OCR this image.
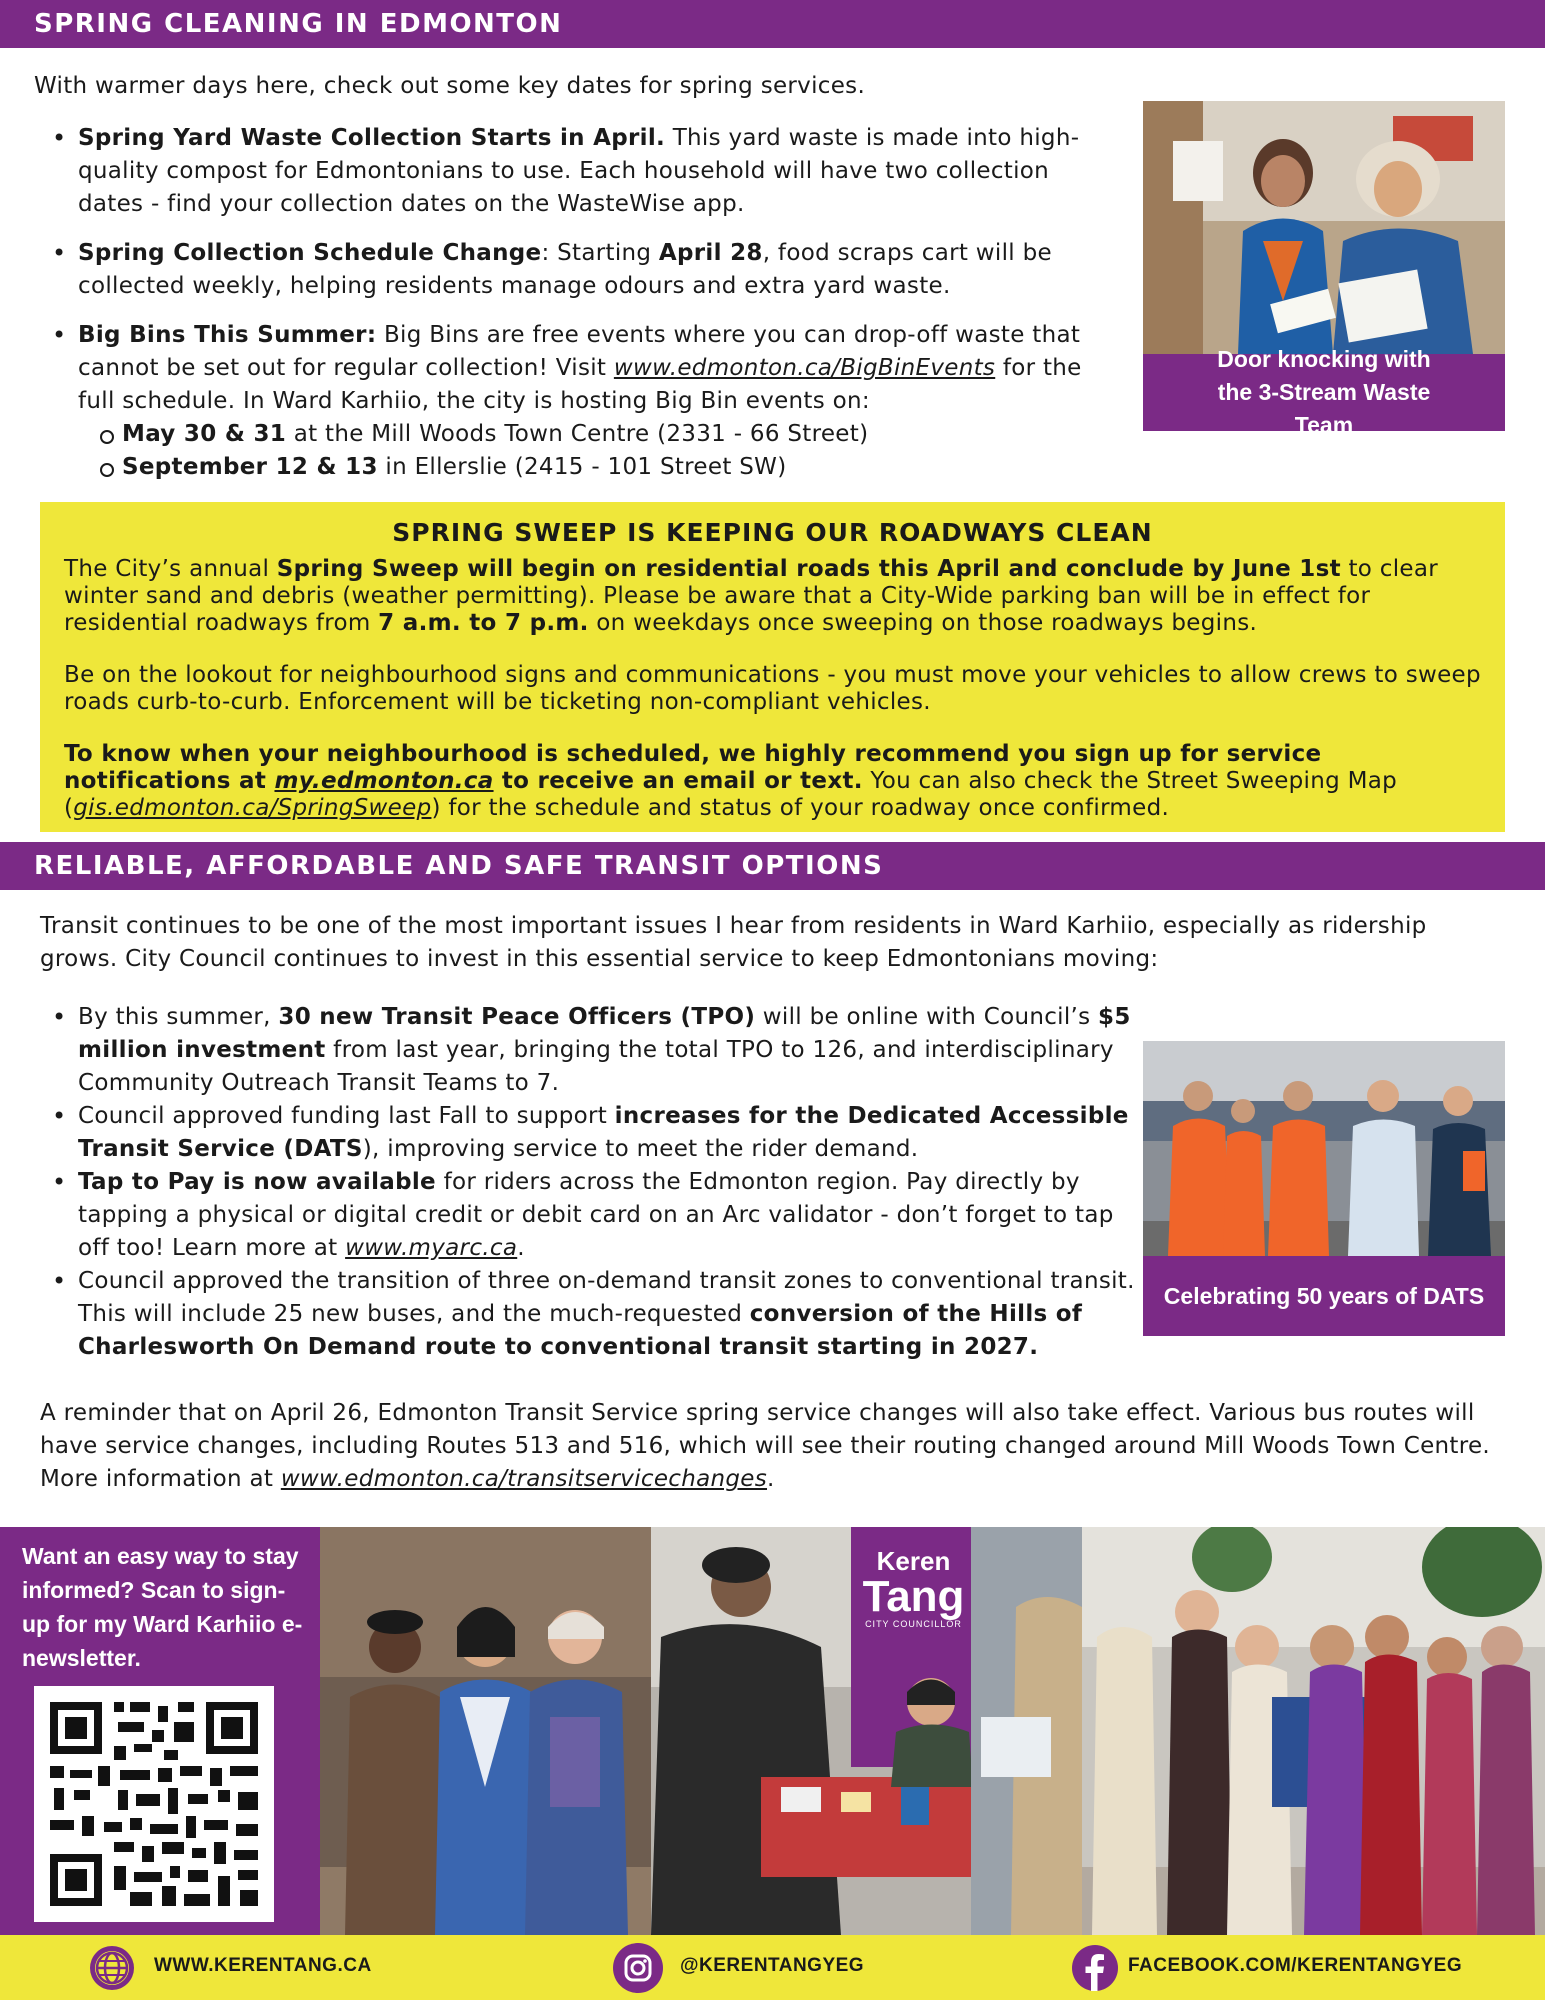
SPRING CLEANING IN EDMONTON
With warmer days here, check out some key dates for spring services.
• Spring Yard Waste Collection Starts in April. This yard waste is made into high-quality compost for Edmontonians to use. Each household will have two collection dates - find your collection dates on the WasteWise app.
• Spring Collection Schedule Change: Starting April 28, food scraps cart will be collected weekly, helping residents manage odours and extra yard waste.
• Big Bins This Summer: Big Bins are free events where you can drop-off waste that cannot be set out for regular collection! Visit www.edmonton.ca/BigBinEvents for the full schedule. In Ward Karhiio, the city is hosting Big Bin events on:
May 30 & 31 at the Mill Woods Town Centre (2331 - 66 Street)
September 12 & 13 in Ellerslie (2415 - 101 Street SW)
Door knocking with the 3-Stream Waste Team
SPRING SWEEP IS KEEPING OUR ROADWAYS CLEAN
The City’s annual Spring Sweep will begin on residential roads this April and conclude by June 1st to clear winter sand and debris (weather permitting). Please be aware that a City-Wide parking ban will be in effect for residential roadways from 7 a.m. to 7 p.m. on weekdays once sweeping on those roadways begins.
Be on the lookout for neighbourhood signs and communications - you must move your vehicles to allow crews to sweep roads curb-to-curb. Enforcement will be ticketing non-compliant vehicles.
To know when your neighbourhood is scheduled, we highly recommend you sign up for service notifications at my.edmonton.ca to receive an email or text. You can also check the Street Sweeping Map (gis.edmonton.ca/SpringSweep) for the schedule and status of your roadway once confirmed.
RELIABLE, AFFORDABLE AND SAFE TRANSIT OPTIONS
Transit continues to be one of the most important issues I hear from residents in Ward Karhiio, especially as ridership grows. City Council continues to invest in this essential service to keep Edmontonians moving:
• By this summer, 30 new Transit Peace Officers (TPO) will be online with Council’s $5 million investment from last year, bringing the total TPO to 126, and interdisciplinary Community Outreach Transit Teams to 7.
• Council approved funding last Fall to support increases for the Dedicated Accessible Transit Service (DATS), improving service to meet the rider demand.
• Tap to Pay is now available for riders across the Edmonton region. Pay directly by tapping a physical or digital credit or debit card on an Arc validator - don’t forget to tap off too! Learn more at www.myarc.ca.
• Council approved the transition of three on-demand transit zones to conventional transit. This will include 25 new buses, and the much-requested conversion of the Hills of Charlesworth On Demand route to conventional transit starting in 2027.
Celebrating 50 years of DATS
A reminder that on April 26, Edmonton Transit Service spring service changes will also take effect. Various bus routes will have service changes, including Routes 513 and 516, which will see their routing changed around Mill Woods Town Centre. More information at www.edmonton.ca/transitservicechanges.
Want an easy way to stay informed? Scan to sign-up for my Ward Karhiio e-newsletter.
Keren
Tang
CITY COUNCILLOR
WWW.KERENTANG.CA	@KERENTANGYEG	FACEBOOK.COM/KERENTANGYEG
